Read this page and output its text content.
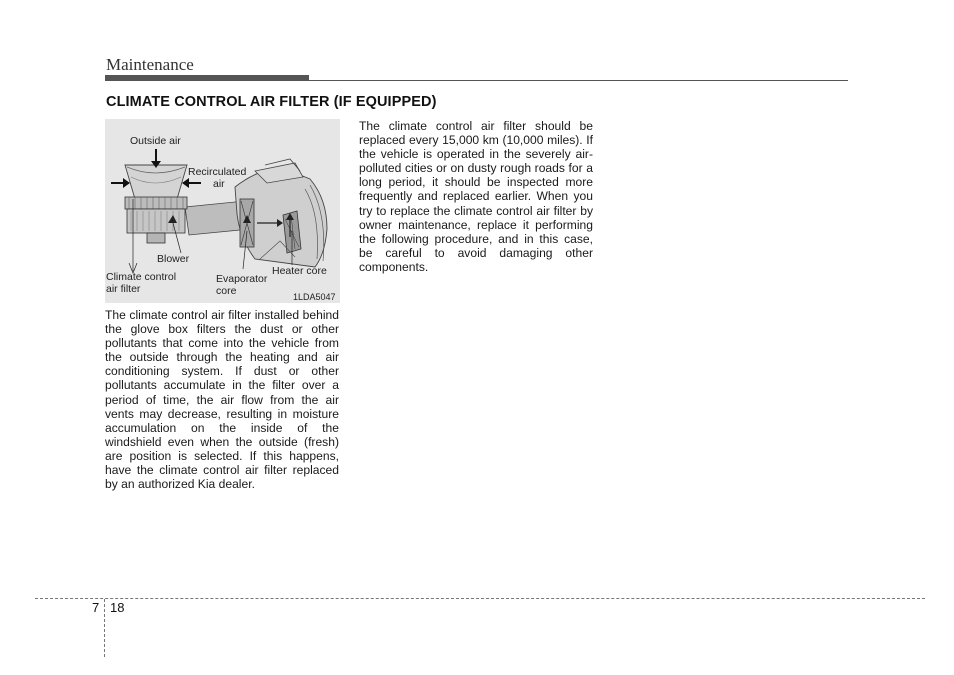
Maintenance
CLIMATE CONTROL AIR FILTER (IF EQUIPPED)
Outside air
Recirculated
air
Blower
Climate control
air filter
Evaporator
core
Heater core
1LDA5047
The climate control air filter installed behind the glove box filters the dust or other pollutants that come into the vehicle from the outside through the heating and air conditioning system. If dust or other pollutants accumulate in the filter over a period of time, the air flow from the air vents may decrease, resulting in moisture accumulation on the inside of the windshield even when the outside (fresh) are position is selected. If this happens, have the climate control air filter replaced by an authorized Kia dealer.
The climate control air filter should be replaced every 15,000 km (10,000 miles). If the vehicle is operated in the severely air-polluted cities or on dusty rough roads for a long period, it should be inspected more frequently and replaced earlier. When you try to replace the climate control air filter by owner maintenance, replace it performing the following procedure, and in this case, be careful to avoid damaging other components.
7 18
